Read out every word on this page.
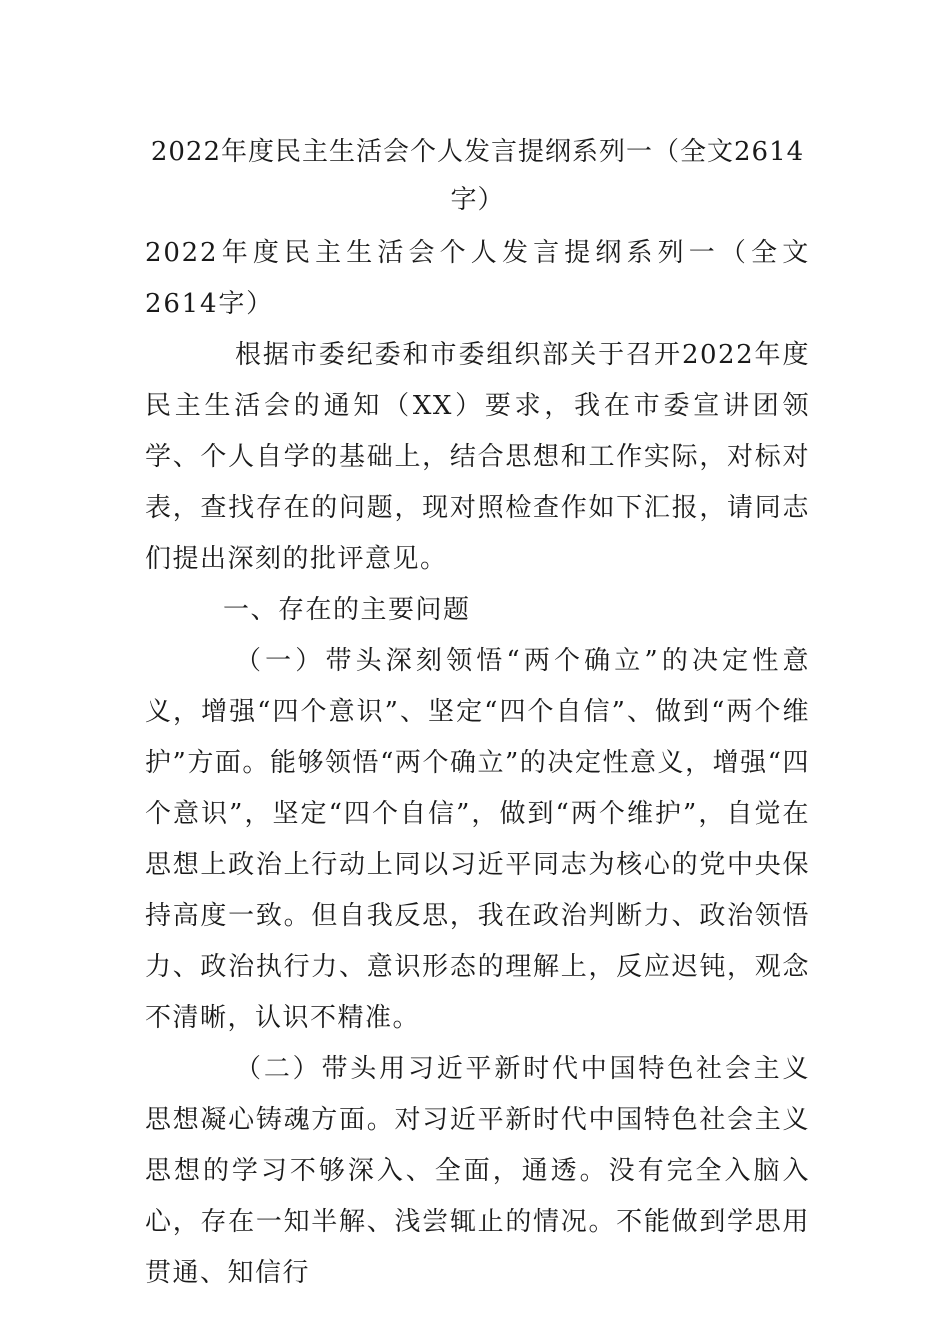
2022年度民主生活会个人发言提纲系列一（全文2614字）

2022年度民主生活会个人发言提纲系列一（全文 2614字）

根据市委纪委和市委组织部关于召开2022年度民主生活会的通知（XX）要求，我在市委宣讲团领学、个人自学的基础上，结合思想和工作实际，对标对表，查找存在的问题，现对照检查作如下汇报，请同志们提出深刻的批评意见。

一、存在的主要问题

（一）带头深刻领悟“两个确立”的决定性意义，增强“四个意识”、坚定“四个自信”、做到“两个维护”方面。能够领悟“两个确立”的决定性意义，增强“四个意识”，坚定“四个自信”，做到“两个维护”，自觉在思想上政治上行动上同以习近平同志为核心的党中央保持高度一致。但自我反思，我在政治判断力、政治领悟力、政治执行力、意识形态的理解上，反应迟钝，观念不清晰，认识不精准。

（二）带头用习近平新时代中国特色社会主义思想凝心铸魂方面。对习近平新时代中国特色社会主义思想的学习不够深入、全面，通透。没有完全入脑入心，存在一知半解、浅尝辄止的情况。不能做到学思用贯通、知信行
